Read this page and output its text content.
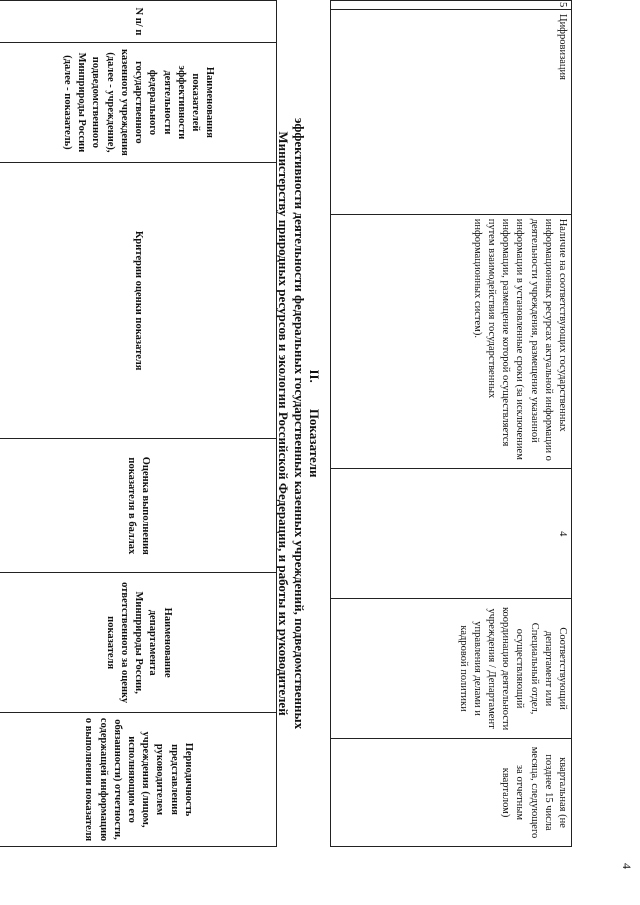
5	Цифровизация	Наличие на соответствующих государственных информационных ресурсах актуальной информации о деятельности учреждения, размещение указанной информации в установленные сроки (за исключением информации, размещение которой осуществляется путем взаимодействия государственных информационных систем).	4	Соответствующий департамент или Специальный отдел, осуществляющий координацию деятельности учреждения / Департамент управления делами и кадровой политики	квартальная (не позднее 15 числа месяца, следующего за отчетным кварталом)
II.        Показатели
эффективности деятельности федеральных государственных казенных учреждений, подведомственных
Министерству природных ресурсов и экологии Российской Федерации, и работы их руководителей
N п/ п	Наименования показателей эффективности деятельности федерального государственного казенного учреждения (далее - учреждение), подведомственного Минприроды России (далее - показатель)	Критерии оценки показателя	Оценка выполнения показателя в баллах	Наименование департамента Минприроды России, ответственного за оценку показателя	Периодичность представления руководителем учреждения (лицом, исполняющим его обязанности) отчетности, содержащей информацию о выполнении показателя
4
